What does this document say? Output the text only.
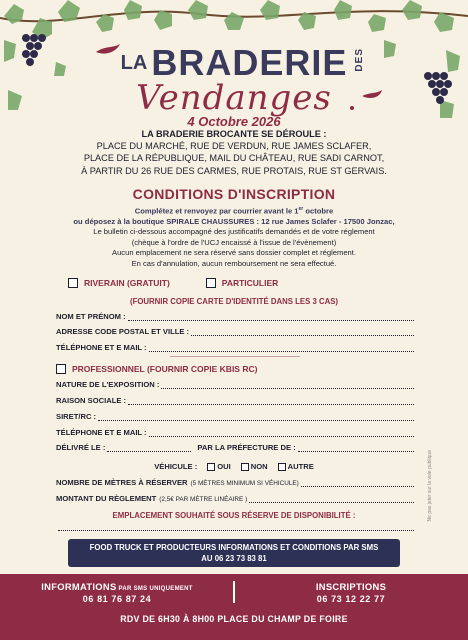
LA BRADERIE DES
Vendanges
4 Octobre 2026
LA BRADERIE BROCANTE SE DÉROULE :
PLACE DU MARCHÉ, RUE DE VERDUN, RUE JAMES SCLAFER,
PLACE DE LA RÉPUBLIQUE, MAIL DU CHÂTEAU, RUE SADI CARNOT,
À PARTIR DU 26 RUE DES CARMES, RUE PROTAIS, RUE ST GERVAIS.
CONDITIONS D'INSCRIPTION
Complétez et renvoyez par courrier avant le 1er octobre
ou déposez à la boutique SPIRALE CHAUSSURES : 12 rue James Sclafer - 17500 Jonzac,
Le bulletin ci-dessous accompagné des justificatifs demandés et de votre réglement
(chèque à l'ordre de l'UCJ encaissé à l'issue de l'évènement)
Aucun emplacement ne sera réservé sans dossier complet et réglement.
En cas d'annulation, aucun remboursement ne sera effectué.
RIVERAIN (GRATUIT)	PARTICULIER
(FOURNIR COPIE CARTE D'IDENTITÉ DANS LES 3 CAS)
NOM ET PRÉNOM :
ADRESSE CODE POSTAL ET VILLE :
TÉLÉPHONE ET E MAIL :
PROFESSIONNEL (FOURNIR COPIE KBIS RC)
NATURE DE L'EXPOSITION :
RAISON SOCIALE :
SIRET/RC :
TÉLÉPHONE ET E MAIL :
DÉLIVRÉ LE :	PAR LA PRÉFECTURE DE :
VÉHICULE :	OUI	NON	AUTRE
NOMBRE DE MÈTRES À RÉSERVER (5 MÈTRES MINIMUM SI VÉHICULE)
MONTANT DU RÈGLEMENT (2,5€ PAR MÈTRE LINÉAIRE )
EMPLACEMENT SOUHAITÉ SOUS RÉSERVE DE DISPONIBILITÉ :
FOOD TRUCK ET PRODUCTEURS INFORMATIONS ET CONDITIONS PAR SMS
AU 06 23 73 83 81
INFORMATIONS PAR SMS UNIQUEMENT
06 81 76 87 24
INSCRIPTIONS
06 73 12 22 77
RDV DE 6H30 À 8H00 PLACE DU CHAMP DE FOIRE
Ne pas jeter sur la voie publique
